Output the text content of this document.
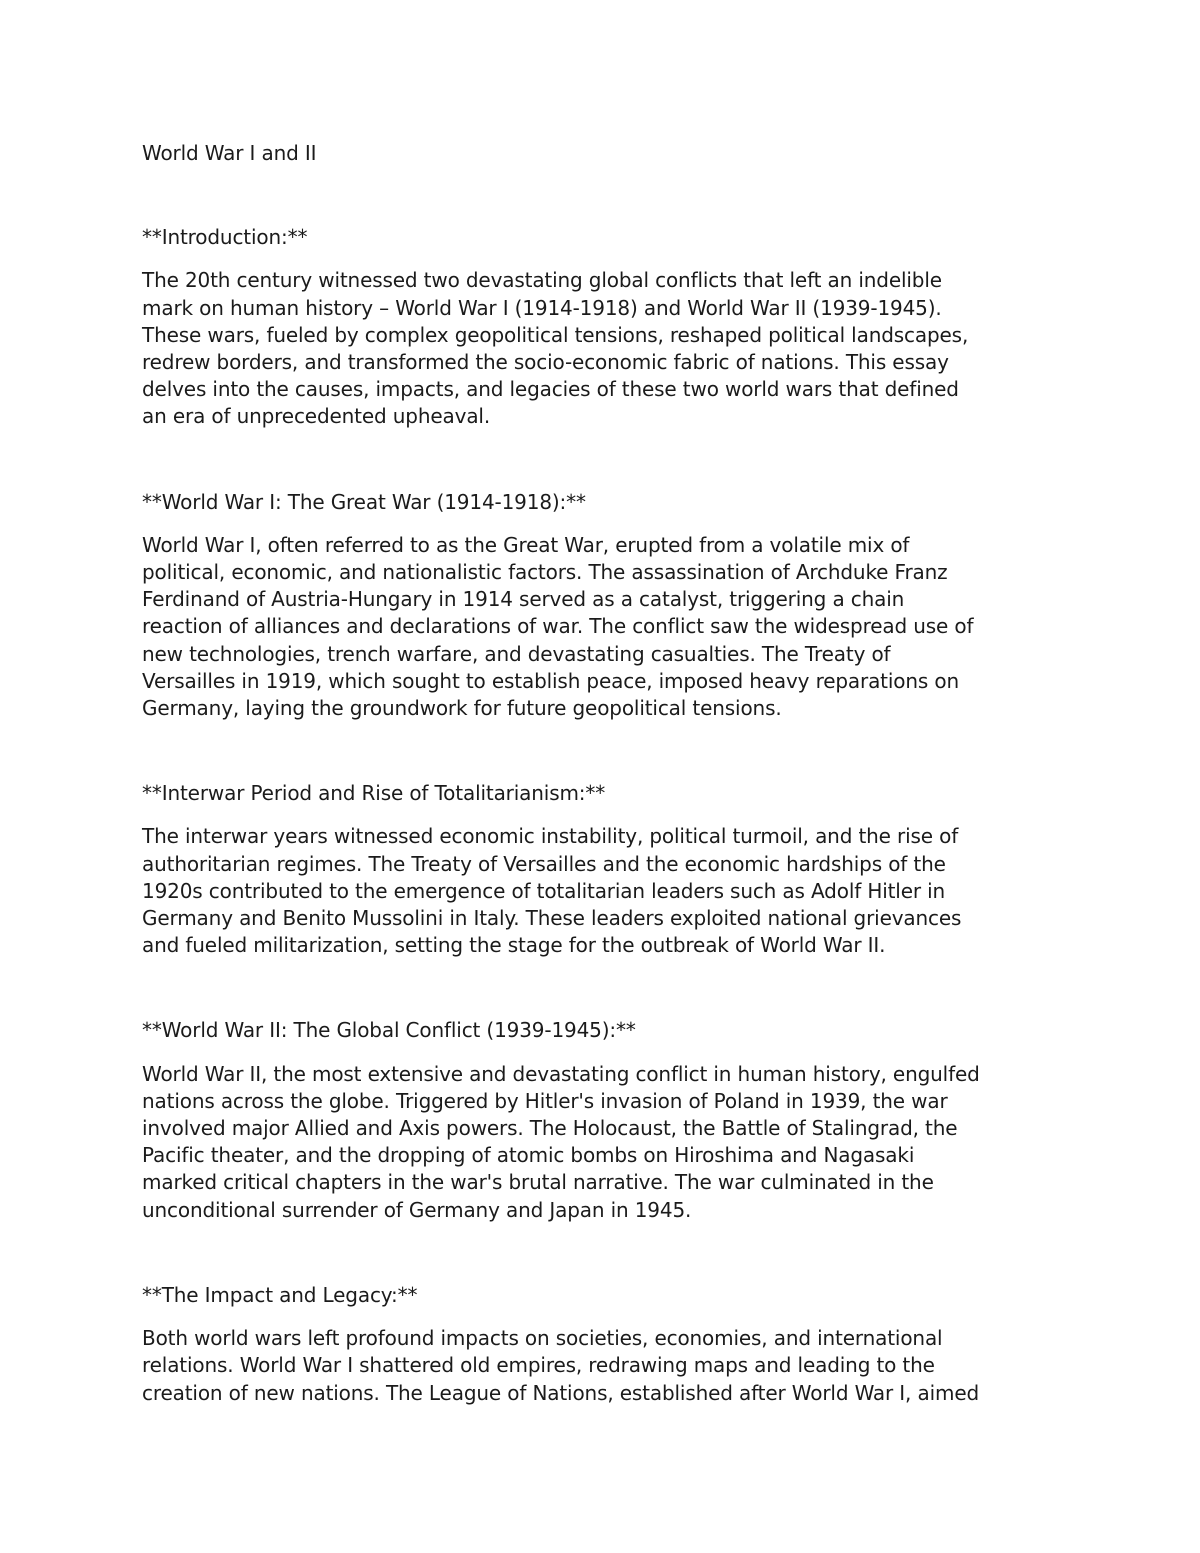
World War I and II

**Introduction:**

The 20th century witnessed two devastating global conflicts that left an indelible
mark on human history – World War I (1914-1918) and World War II (1939-1945).
These wars, fueled by complex geopolitical tensions, reshaped political landscapes,
redrew borders, and transformed the socio-economic fabric of nations. This essay
delves into the causes, impacts, and legacies of these two world wars that defined
an era of unprecedented upheaval.

**World War I: The Great War (1914-1918):**

World War I, often referred to as the Great War, erupted from a volatile mix of
political, economic, and nationalistic factors. The assassination of Archduke Franz
Ferdinand of Austria-Hungary in 1914 served as a catalyst, triggering a chain
reaction of alliances and declarations of war. The conflict saw the widespread use of
new technologies, trench warfare, and devastating casualties. The Treaty of
Versailles in 1919, which sought to establish peace, imposed heavy reparations on
Germany, laying the groundwork for future geopolitical tensions.

**Interwar Period and Rise of Totalitarianism:**

The interwar years witnessed economic instability, political turmoil, and the rise of
authoritarian regimes. The Treaty of Versailles and the economic hardships of the
1920s contributed to the emergence of totalitarian leaders such as Adolf Hitler in
Germany and Benito Mussolini in Italy. These leaders exploited national grievances
and fueled militarization, setting the stage for the outbreak of World War II.

**World War II: The Global Conflict (1939-1945):**

World War II, the most extensive and devastating conflict in human history, engulfed
nations across the globe. Triggered by Hitler's invasion of Poland in 1939, the war
involved major Allied and Axis powers. The Holocaust, the Battle of Stalingrad, the
Pacific theater, and the dropping of atomic bombs on Hiroshima and Nagasaki
marked critical chapters in the war's brutal narrative. The war culminated in the
unconditional surrender of Germany and Japan in 1945.

**The Impact and Legacy:**

Both world wars left profound impacts on societies, economies, and international
relations. World War I shattered old empires, redrawing maps and leading to the
creation of new nations. The League of Nations, established after World War I, aimed
